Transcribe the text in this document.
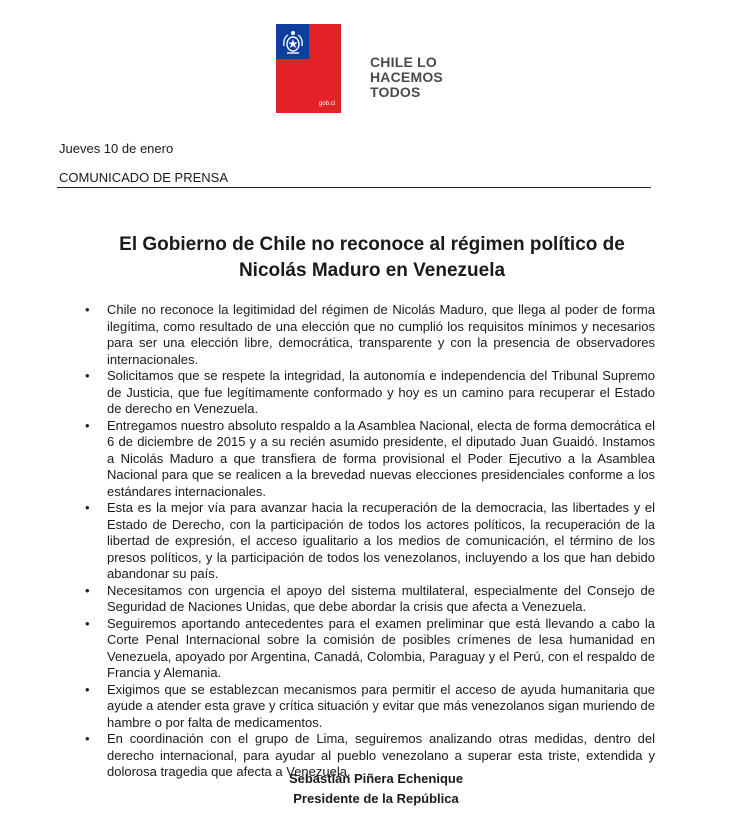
Gobierno de Chile
gob.cl
CHILE LO
HACEMOS
TODOS
Jueves 10 de enero
COMUNICADO DE PRENSA
El Gobierno de Chile no reconoce al régimen político de
Nicolás Maduro en Venezuela
• Chile no reconoce la legitimidad del régimen de Nicolás Maduro, que llega al poder de forma ilegítima, como resultado de una elección que no cumplió los requisitos mínimos y necesarios para ser una elección libre, democrática, transparente y con la presencia de observadores internacionales.
• Solicitamos que se respete la integridad, la autonomía e independencia del Tribunal Supremo de Justicia, que fue legítimamente conformado y hoy es un camino para recuperar el Estado de derecho en Venezuela.
• Entregamos nuestro absoluto respaldo a la Asamblea Nacional, electa de forma democrática el 6 de diciembre de 2015 y a su recién asumido presidente, el diputado Juan Guaidó. Instamos a Nicolás Maduro a que transfiera de forma provisional el Poder Ejecutivo a la Asamblea Nacional para que se realicen a la brevedad nuevas elecciones presidenciales conforme a los estándares internacionales.
• Esta es la mejor vía para avanzar hacia la recuperación de la democracia, las libertades y el Estado de Derecho, con la participación de todos los actores políticos, la recuperación de la libertad de expresión, el acceso igualitario a los medios de comunicación, el término de los presos políticos, y la participación de todos los venezolanos, incluyendo a los que han debido abandonar su país.
• Necesitamos con urgencia el apoyo del sistema multilateral, especialmente del Consejo de Seguridad de Naciones Unidas, que debe abordar la crisis que afecta a Venezuela.
• Seguiremos aportando antecedentes para el examen preliminar que está llevando a cabo la Corte Penal Internacional sobre la comisión de posibles crímenes de lesa humanidad en Venezuela, apoyado por Argentina, Canadá, Colombia, Paraguay y el Perú, con el respaldo de Francia y Alemania.
• Exigimos que se establezcan mecanismos para permitir el acceso de ayuda humanitaria que ayude a atender esta grave y crítica situación y evitar que más venezolanos sigan muriendo de hambre o por falta de medicamentos.
• En coordinación con el grupo de Lima, seguiremos analizando otras medidas, dentro del derecho internacional, para ayudar al pueblo venezolano a superar esta triste, extendida y dolorosa tragedia que afecta a Venezuela.
Sebastián Piñera Echenique
Presidente de la República
